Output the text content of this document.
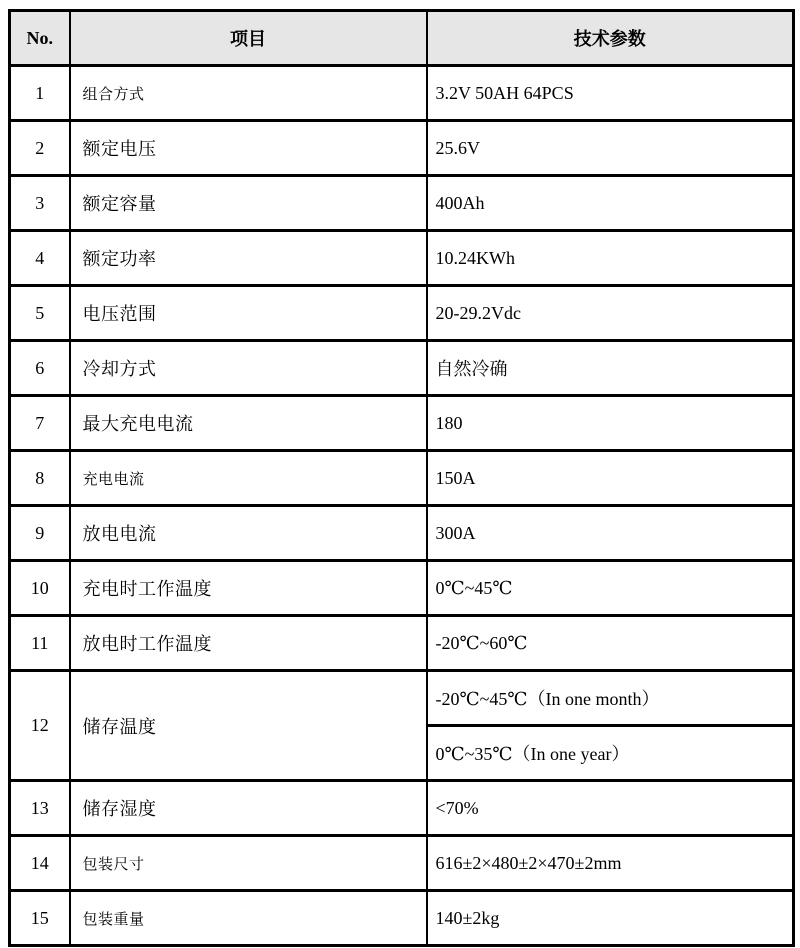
No.	项目	技术参数
1	组合方式	3.2V 50AH 64PCS
2	额定电压	25.6V
3	额定容量	400Ah
4	额定功率	10.24KWh
5	电压范围	20-29.2Vdc
6	冷却方式	自然冷确
7	最大充电电流	180
8	充电电流	150A
9	放电电流	300A
10	充电时工作温度	0℃~45℃
11	放电时工作温度	-20℃~60℃
12	储存温度	-20℃~45℃（In one month）
		0℃~35℃（In one year）
13	储存湿度	<70%
14	包装尺寸	616±2×480±2×470±2mm
15	包装重量	140±2kg
